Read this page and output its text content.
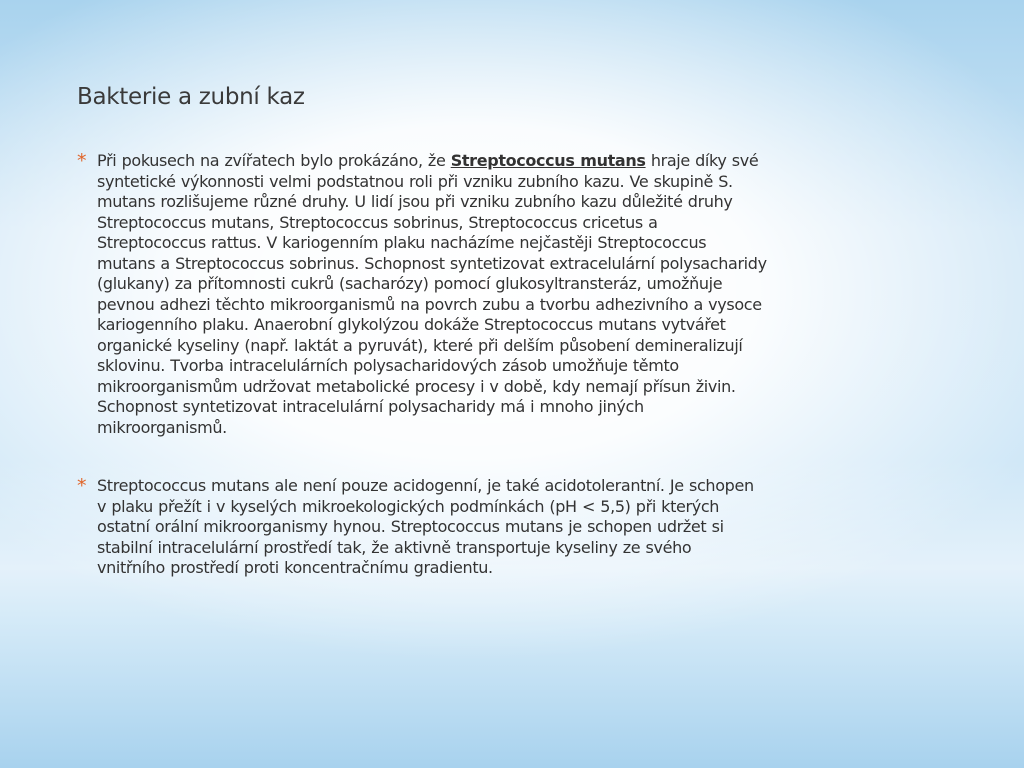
Bakterie a zubní kaz
* Při pokusech na zvířatech bylo prokázáno, že Streptococcus mutans hraje díky své
syntetické výkonnosti velmi podstatnou roli při vzniku zubního kazu. Ve skupině S.
mutans rozlišujeme různé druhy. U lidí jsou při vzniku zubního kazu důležité druhy
Streptococcus mutans, Streptococcus sobrinus, Streptococcus cricetus a
Streptococcus rattus. V kariogenním plaku nacházíme nejčastěji Streptococcus
mutans a Streptococcus sobrinus. Schopnost syntetizovat extracelulární polysacharidy
(glukany) za přítomnosti cukrů (sacharózy) pomocí glukosyltransteráz, umožňuje
pevnou adhezi těchto mikroorganismů na povrch zubu a tvorbu adhezivního a vysoce
kariogenního plaku. Anaerobní glykolýzou dokáže Streptococcus mutans vytvářet
organické kyseliny (např. laktát a pyruvát), které při delším působení demineralizují
sklovinu. Tvorba intracelulárních polysacharidových zásob umožňuje těmto
mikroorganismům udržovat metabolické procesy i v době, kdy nemají přísun živin.
Schopnost syntetizovat intracelulární polysacharidy má i mnoho jiných
mikroorganismů.
* Streptococcus mutans ale není pouze acidogenní, je také acidotolerantní. Je schopen
v plaku přežít i v kyselých mikroekologických podmínkách (pH < 5,5) při kterých
ostatní orální mikroorganismy hynou. Streptococcus mutans je schopen udržet si
stabilní intracelulární prostředí tak, že aktivně transportuje kyseliny ze svého
vnitřního prostředí proti koncentračnímu gradientu.
